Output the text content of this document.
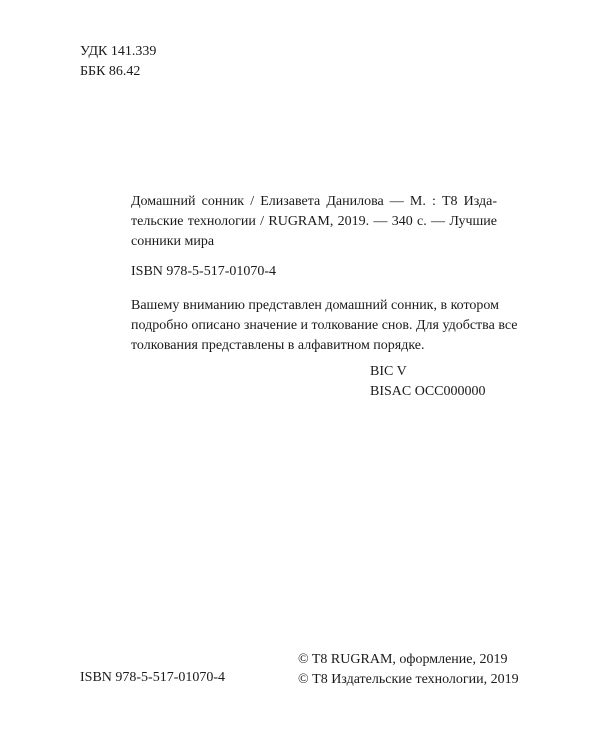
УДК 141.339
ББК 86.42
Домашний сонник / Елизавета Данилова — М. : Т8 Изда-
тельские технологии / RUGRAM, 2019. — 340 с. — Лучшие
сонники мира
ISBN 978-5-517-01070-4
Вашему вниманию представлен домашний сонник, в котором
подробно описано значение и толкование снов. Для удобства все
толкования представлены в алфавитном порядке.
BIC V
BISAC OCC000000
ISBN 978-5-517-01070-4
© T8 RUGRAM, оформление, 2019
© Т8 Издательские технологии, 2019
